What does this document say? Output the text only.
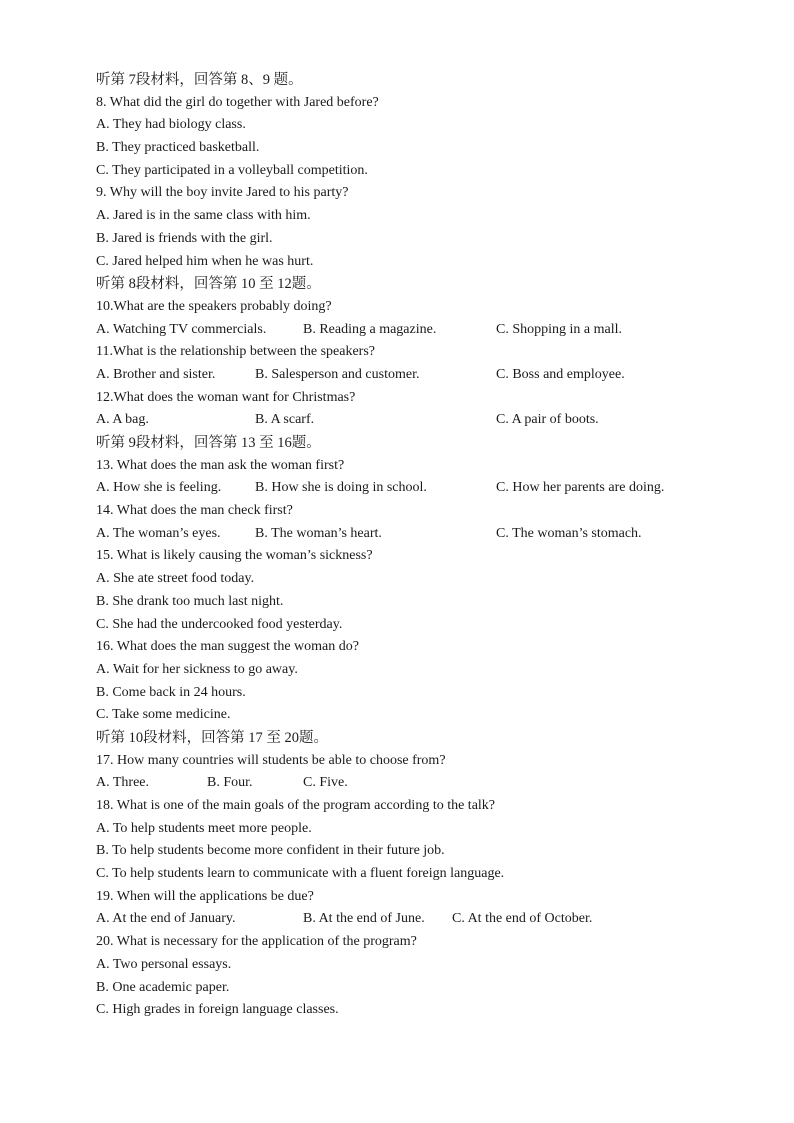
听第 7段材料，回答第 8、9 题。
8. What did the girl do together with Jared before?
A. They had biology class.
B. They practiced basketball.
C. They participated in a volleyball competition.
9. Why will the boy invite Jared to his party?
A. Jared is in the same class with him.
B. Jared is friends with the girl.
C. Jared helped him when he was hurt.
听第 8段材料，回答第 10 至 12题。
10.What are the speakers probably doing?
A. Watching TV commercials.	B. Reading a magazine.	C. Shopping in a mall.
11.What is the relationship between the speakers?
A. Brother and sister.	B. Salesperson and customer.	C. Boss and employee.
12.What does the woman want for Christmas?
A. A bag.	B. A scarf.	C. A pair of boots.
听第 9段材料，回答第 13 至 16题。
13. What does the man ask the woman first?
A. How she is feeling. B. How she is doing in school.	C. How her parents are doing.
14. What does the man check first?
A. The woman’s eyes. B. The woman’s heart.	C. The woman’s stomach.
15. What is likely causing the woman’s sickness?
A. She ate street food today.
B. She drank too much last night.
C. She had the undercooked food yesterday.
16. What does the man suggest the woman do?
A. Wait for her sickness to go away.
B. Come back in 24 hours.
C. Take some medicine.
听第 10段材料，回答第 17 至 20题。
17. How many countries will students be able to choose from?
A. Three.	B. Four.	C. Five.
18. What is one of the main goals of the program according to the talk?
A. To help students meet more people.
B. To help students become more confident in their future job.
C. To help students learn to communicate with a fluent foreign language.
19. When will the applications be due?
A. At the end of January.	B. At the end of June. C. At the end of October.
20. What is necessary for the application of the program?
A. Two personal essays.
B. One academic paper.
C. High grades in foreign language classes.
